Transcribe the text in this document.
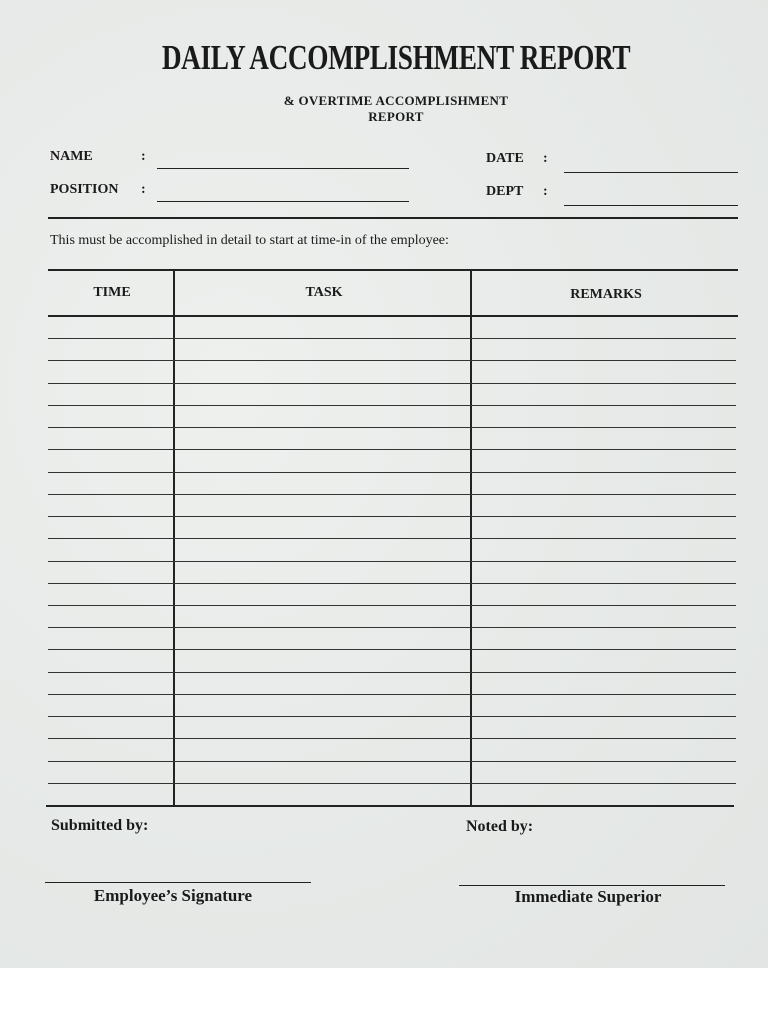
DAILY ACCOMPLISHMENT REPORT
& OVERTIME ACCOMPLISHMENT
REPORT
NAME	:	DATE :
POSITION :	DEPT :
This must be accomplished in detail to start at time-in of the employee:
TIME	TASK	REMARKS
Submitted by:	Noted by:
Employee’s Signature	Immediate Superior
